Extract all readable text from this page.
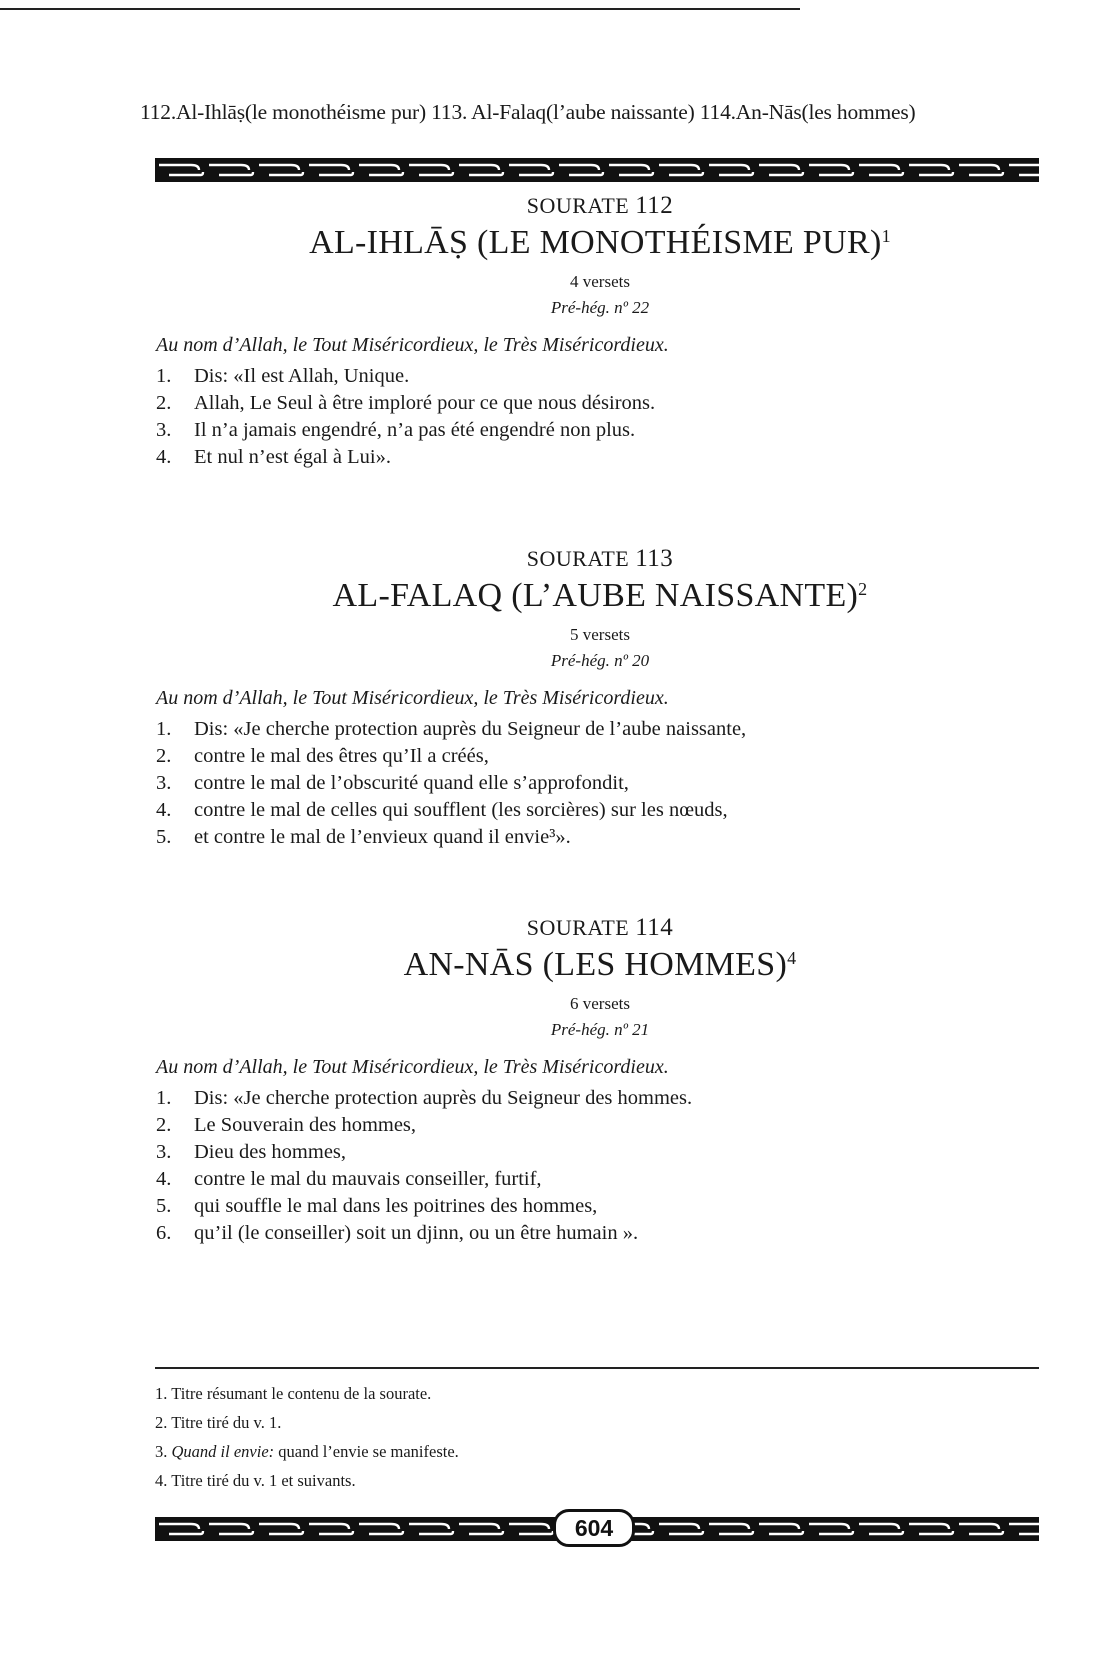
112.Al-Ihlāṣ(le monothéisme pur) 113. Al-Falaq(l’aube naissante) 114.An-Nās(les hommes)
SOURATE 112
AL-IHLĀṢ (LE MONOTHÉISME PUR)$^1$
4 versets
Pré-hég. nº 22
Au nom d’Allah, le Tout Miséricordieux, le Très Miséricordieux.
1.	Dis: «Il est Allah, Unique.
2.	Allah, Le Seul à être imploré pour ce que nous désirons.
3.	Il n’a jamais engendré, n’a pas été engendré non plus.
4.	Et nul n’est égal à Lui».
SOURATE 113
AL-FALAQ (L’AUBE NAISSANTE)$^2$
5 versets
Pré-hég. nº 20
Au nom d’Allah, le Tout Miséricordieux, le Très Miséricordieux.
1.	Dis: «Je cherche protection auprès du Seigneur de l’aube naissante,
2.	contre le mal des êtres qu’Il a créés,
3.	contre le mal de l’obscurité quand elle s’approfondit,
4.	contre le mal de celles qui soufflent (les sorcières) sur les nœuds,
5.	et contre le mal de l’envieux quand il envie³».
SOURATE 114
AN-NĀS (LES HOMMES)$^4$
6 versets
Pré-hég. nº 21
Au nom d’Allah, le Tout Miséricordieux, le Très Miséricordieux.
1.	Dis: «Je cherche protection auprès du Seigneur des hommes.
2.	Le Souverain des hommes,
3.	Dieu des hommes,
4.	contre le mal du mauvais conseiller, furtif,
5.	qui souffle le mal dans les poitrines des hommes,
6.	qu’il (le conseiller) soit un djinn, ou un être humain ».
1. Titre résumant le contenu de la sourate.
2. Titre tiré du v. 1.
3. Quand il envie: quand l’envie se manifeste.
4. Titre tiré du v. 1 et suivants.
604
